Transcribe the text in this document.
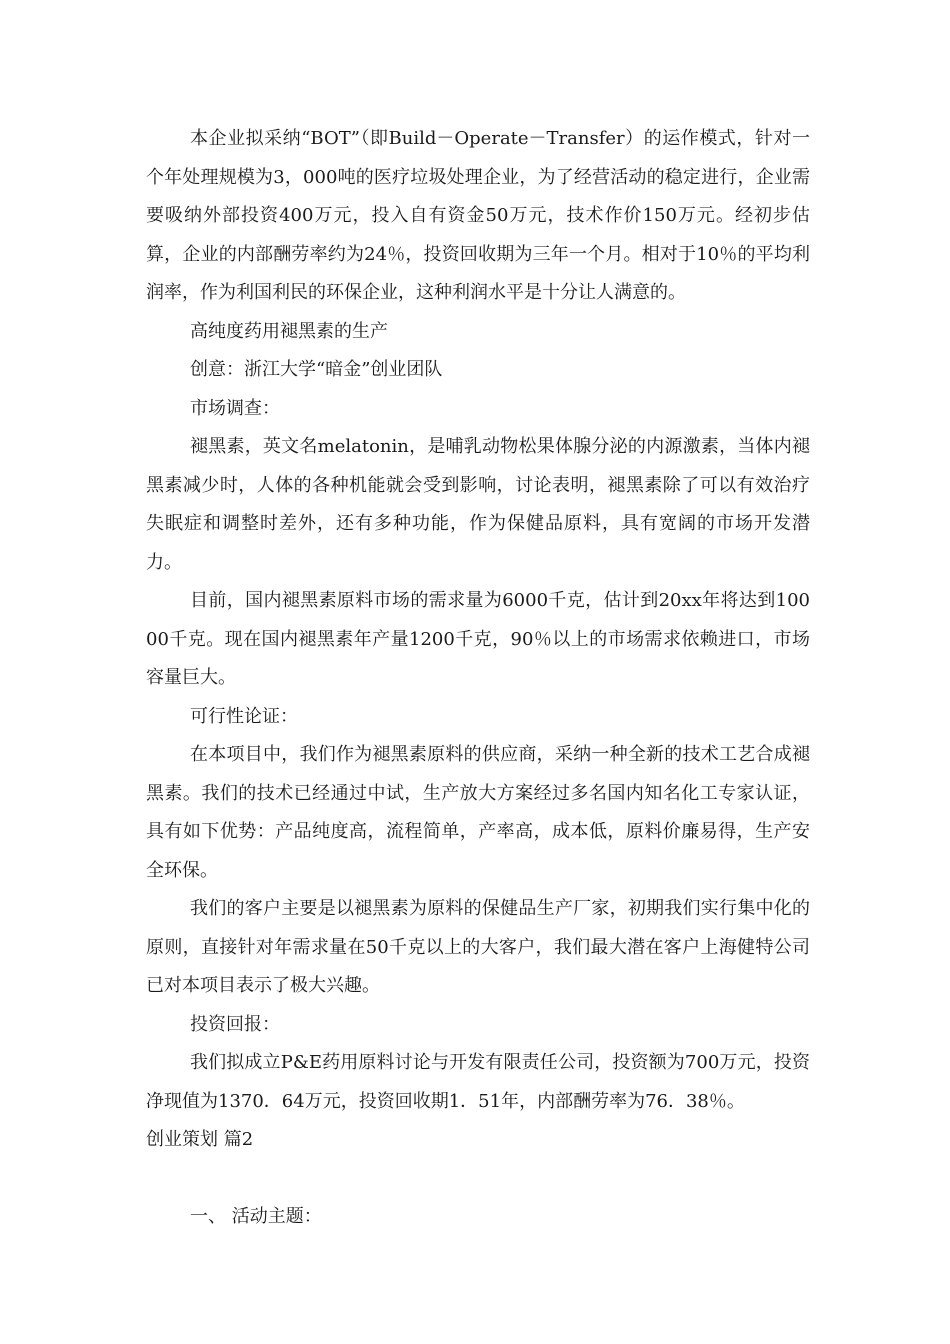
本企业拟采纳“BOT”（即Build－Operate－Transfer）的运作模式，针对一个年处理规模为3，000吨的医疗垃圾处理企业，为了经营活动的稳定进行，企业需要吸纳外部投资400万元，投入自有资金50万元，技术作价150万元。经初步估算，企业的内部酬劳率约为24％，投资回收期为三年一个月。相对于10％的平均利润率，作为利国利民的环保企业，这种利润水平是十分让人满意的。

高纯度药用褪黑素的生产

创意：浙江大学“暗金”创业团队

市场调查：

褪黑素，英文名melatonin，是哺乳动物松果体腺分泌的内源激素，当体内褪黑素减少时，人体的各种机能就会受到影响，讨论表明，褪黑素除了可以有效治疗失眠症和调整时差外，还有多种功能，作为保健品原料，具有宽阔的市场开发潜力。

目前，国内褪黑素原料市场的需求量为6000千克，估计到20xx年将达到10000千克。现在国内褪黑素年产量1200千克，90％以上的市场需求依赖进口，市场容量巨大。

可行性论证：

在本项目中，我们作为褪黑素原料的供应商，采纳一种全新的技术工艺合成褪黑素。我们的技术已经通过中试，生产放大方案经过多名国内知名化工专家认证，具有如下优势：产品纯度高，流程简单，产率高，成本低，原料价廉易得，生产安全环保。

我们的客户主要是以褪黑素为原料的保健品生产厂家，初期我们实行集中化的原则，直接针对年需求量在50千克以上的大客户，我们最大潜在客户上海健特公司已对本项目表示了极大兴趣。

投资回报：

我们拟成立P&E药用原料讨论与开发有限责任公司，投资额为700万元，投资净现值为1370．64万元，投资回收期1．51年，内部酬劳率为76．38％。

创业策划 篇2

一、 活动主题：
